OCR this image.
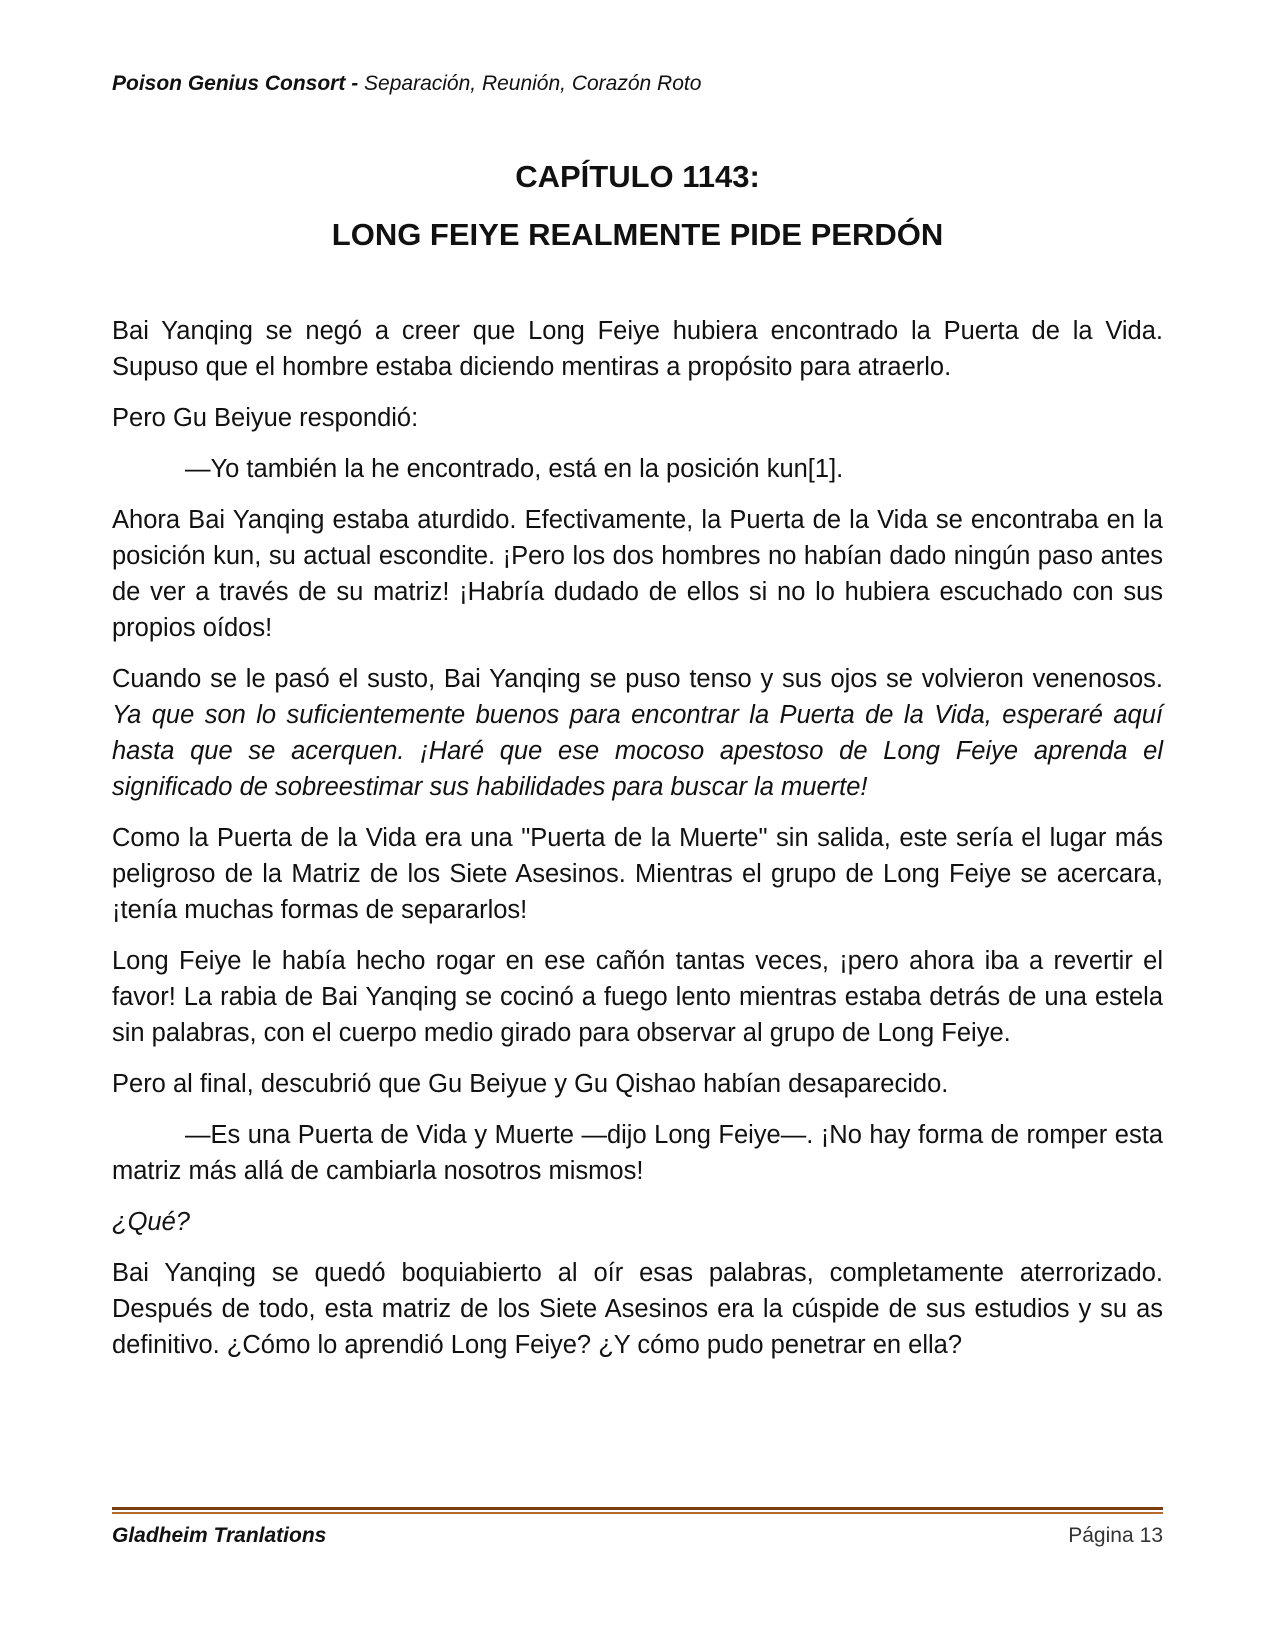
Poison Genius Consort - Separación, Reunión, Corazón Roto
CAPÍTULO 1143:
LONG FEIYE REALMENTE PIDE PERDÓN

Bai Yanqing se negó a creer que Long Feiye hubiera encontrado la Puerta de la Vida. Supuso que el hombre estaba diciendo mentiras a propósito para atraerlo.

Pero Gu Beiyue respondió:

—Yo también la he encontrado, está en la posición kun[1].

Ahora Bai Yanqing estaba aturdido. Efectivamente, la Puerta de la Vida se encontraba en la posición kun, su actual escondite. ¡Pero los dos hombres no habían dado ningún paso antes de ver a través de su matriz! ¡Habría dudado de ellos si no lo hubiera escuchado con sus propios oídos!

Cuando se le pasó el susto, Bai Yanqing se puso tenso y sus ojos se volvieron venenosos. Ya que son lo suficientemente buenos para encontrar la Puerta de la Vida, esperaré aquí hasta que se acerquen. ¡Haré que ese mocoso apestoso de Long Feiye aprenda el significado de sobreestimar sus habilidades para buscar la muerte!

Como la Puerta de la Vida era una "Puerta de la Muerte" sin salida, este sería el lugar más peligroso de la Matriz de los Siete Asesinos. Mientras el grupo de Long Feiye se acercara, ¡tenía muchas formas de separarlos!

Long Feiye le había hecho rogar en ese cañón tantas veces, ¡pero ahora iba a revertir el favor! La rabia de Bai Yanqing se cocinó a fuego lento mientras estaba detrás de una estela sin palabras, con el cuerpo medio girado para observar al grupo de Long Feiye.

Pero al final, descubrió que Gu Beiyue y Gu Qishao habían desaparecido.

—Es una Puerta de Vida y Muerte —dijo Long Feiye—. ¡No hay forma de romper esta matriz más allá de cambiarla nosotros mismos!

¿Qué?

Bai Yanqing se quedó boquiabierto al oír esas palabras, completamente aterrorizado. Después de todo, esta matriz de los Siete Asesinos era la cúspide de sus estudios y su as definitivo. ¿Cómo lo aprendió Long Feiye? ¿Y cómo pudo penetrar en ella?

Gladheim Tranlations	Página 13
